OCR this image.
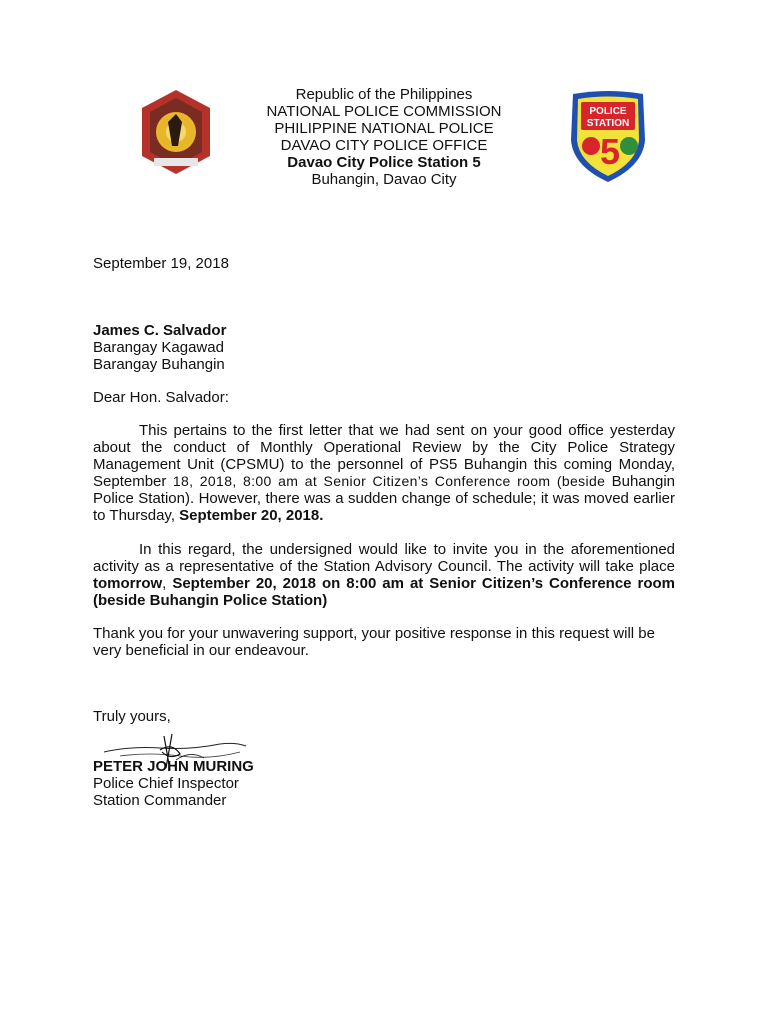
POLICE
STATION
5
Republic of the Philippines
NATIONAL POLICE COMMISSION
PHILIPPINE NATIONAL POLICE
DAVAO CITY POLICE OFFICE
Davao City Police Station 5
Buhangin, Davao City
September 19, 2018
James C. Salvador
Barangay Kagawad
Barangay Buhangin
Dear Hon. Salvador:
This pertains to the first letter that we had sent on your good office yesterday about the conduct of Monthly Operational Review by the City Police Strategy Management Unit (CPSMU) to the personnel of PS5 Buhangin this coming Monday, September 18, 2018, 8:00 am at Senior Citizen’s Conference room (beside Buhangin Police Station). However, there was a sudden change of schedule; it was moved earlier to Thursday, September 20, 2018.
In this regard, the undersigned would like to invite you in the aforementioned activity as a representative of the Station Advisory Council. The activity will take place tomorrow, September 20, 2018 on 8:00 am at Senior Citizen’s Conference room (beside Buhangin Police Station)
Thank you for your unwavering support, your positive response in this request will be very beneficial in our endeavour.
Truly yours,
PETER JOHN MURING
Police Chief Inspector
Station Commander
